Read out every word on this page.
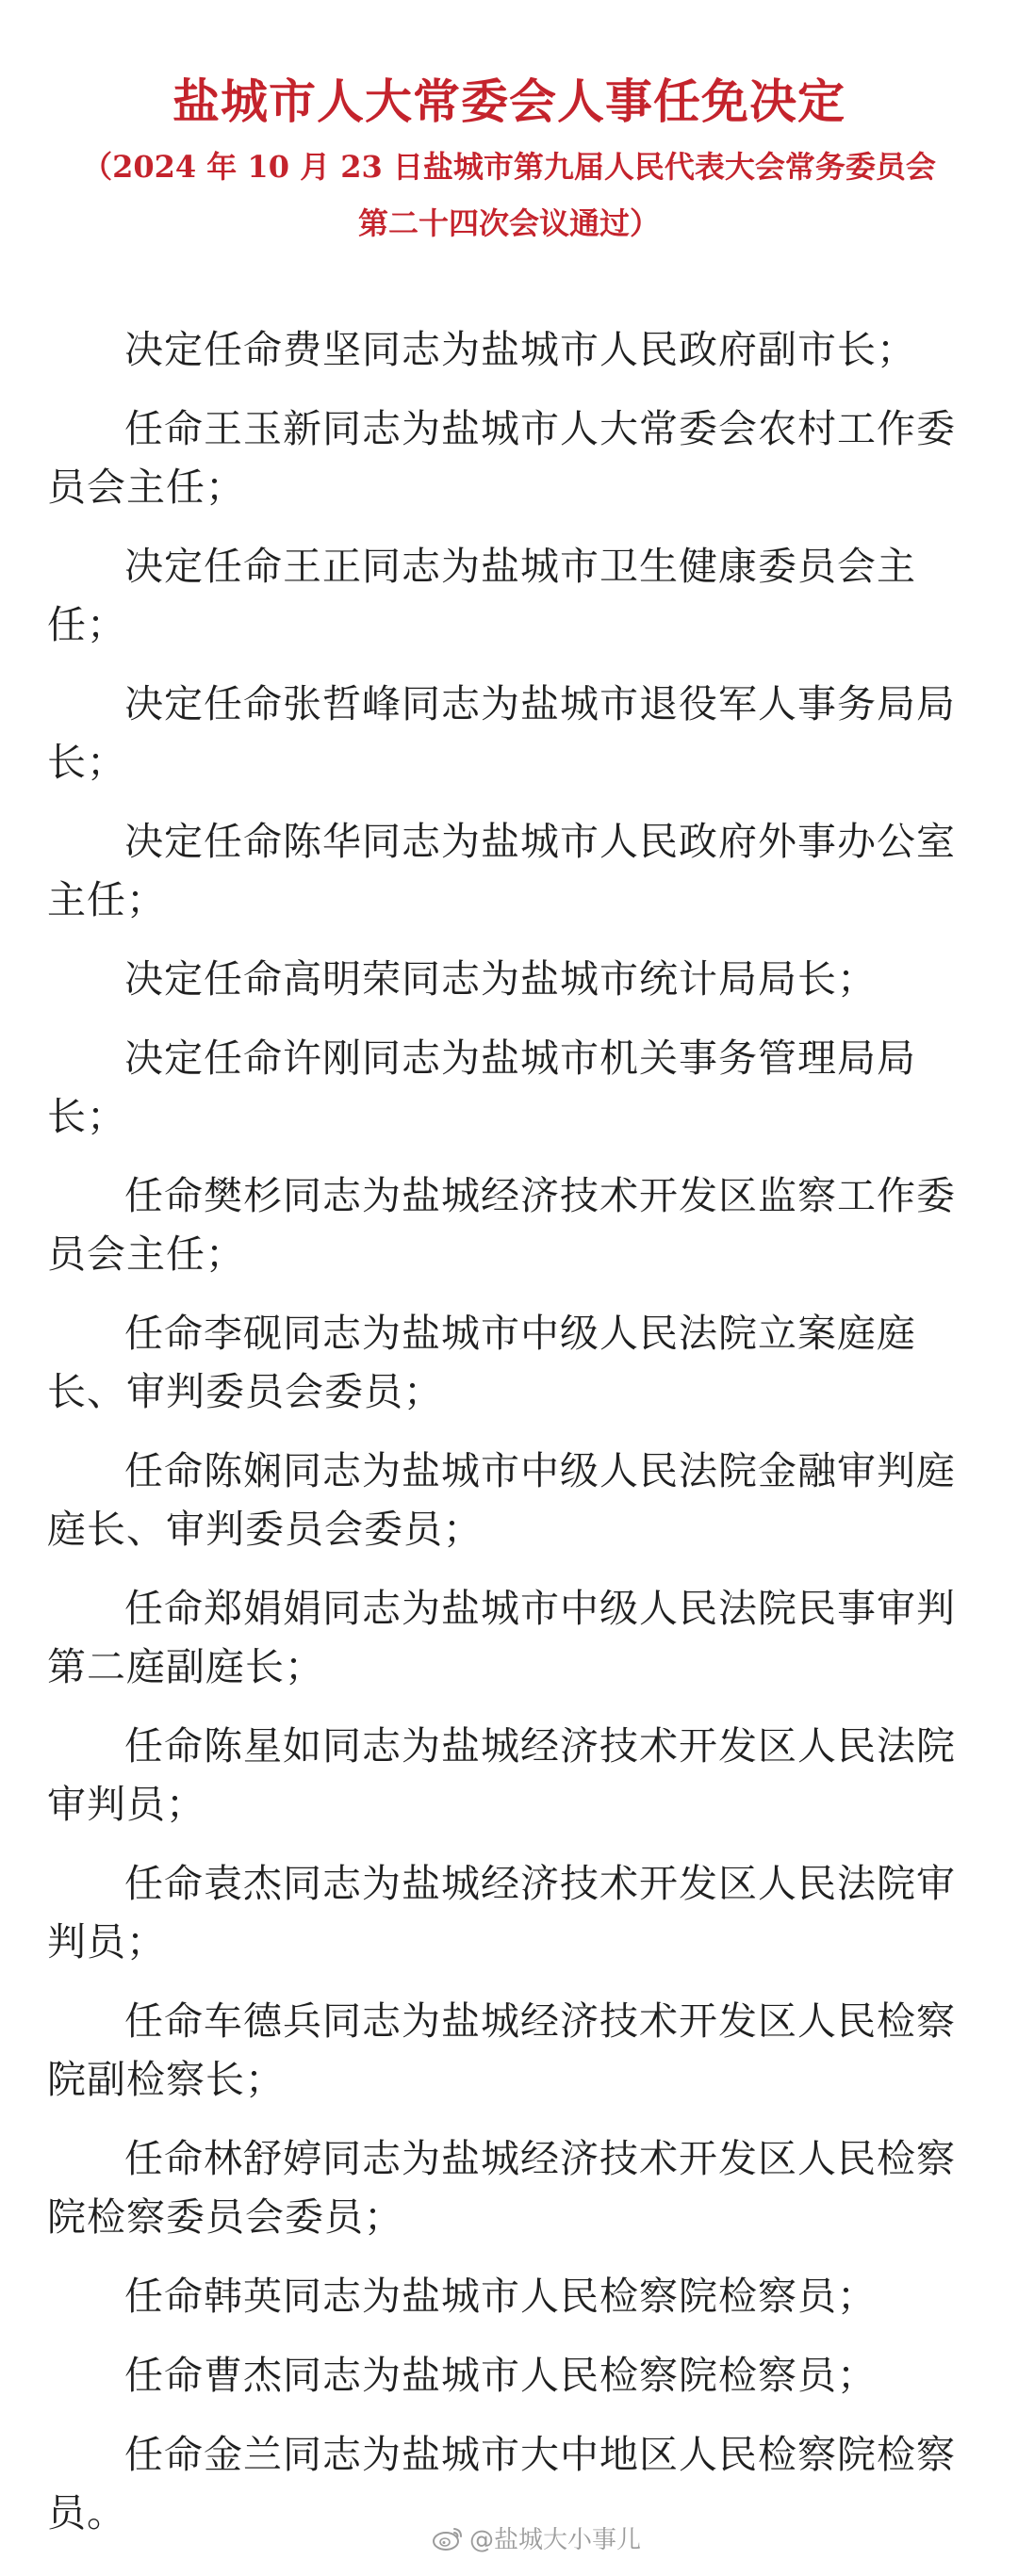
盐城市人大常委会人事任免决定
（2024 年 10 月 23 日盐城市第九届人民代表大会常务委员会
第二十四次会议通过）

决定任命费坚同志为盐城市人民政府副市长；

任命王玉新同志为盐城市人大常委会农村工作委员会主任；

决定任命王正同志为盐城市卫生健康委员会主任；

决定任命张哲峰同志为盐城市退役军人事务局局长；

决定任命陈华同志为盐城市人民政府外事办公室主任；

决定任命高明荣同志为盐城市统计局局长；

决定任命许刚同志为盐城市机关事务管理局局长；

任命樊杉同志为盐城经济技术开发区监察工作委员会主任；

任命李砚同志为盐城市中级人民法院立案庭庭长、审判委员会委员；

任命陈娴同志为盐城市中级人民法院金融审判庭庭长、审判委员会委员；

任命郑娟娟同志为盐城市中级人民法院民事审判第二庭副庭长；

任命陈星如同志为盐城经济技术开发区人民法院审判员；

任命袁杰同志为盐城经济技术开发区人民法院审判员；

任命车德兵同志为盐城经济技术开发区人民检察院副检察长；

任命林舒婷同志为盐城经济技术开发区人民检察院检察委员会委员；

任命韩英同志为盐城市人民检察院检察员；

任命曹杰同志为盐城市人民检察院检察员；

任命金兰同志为盐城市大中地区人民检察院检察员。

@盐城大小事儿
